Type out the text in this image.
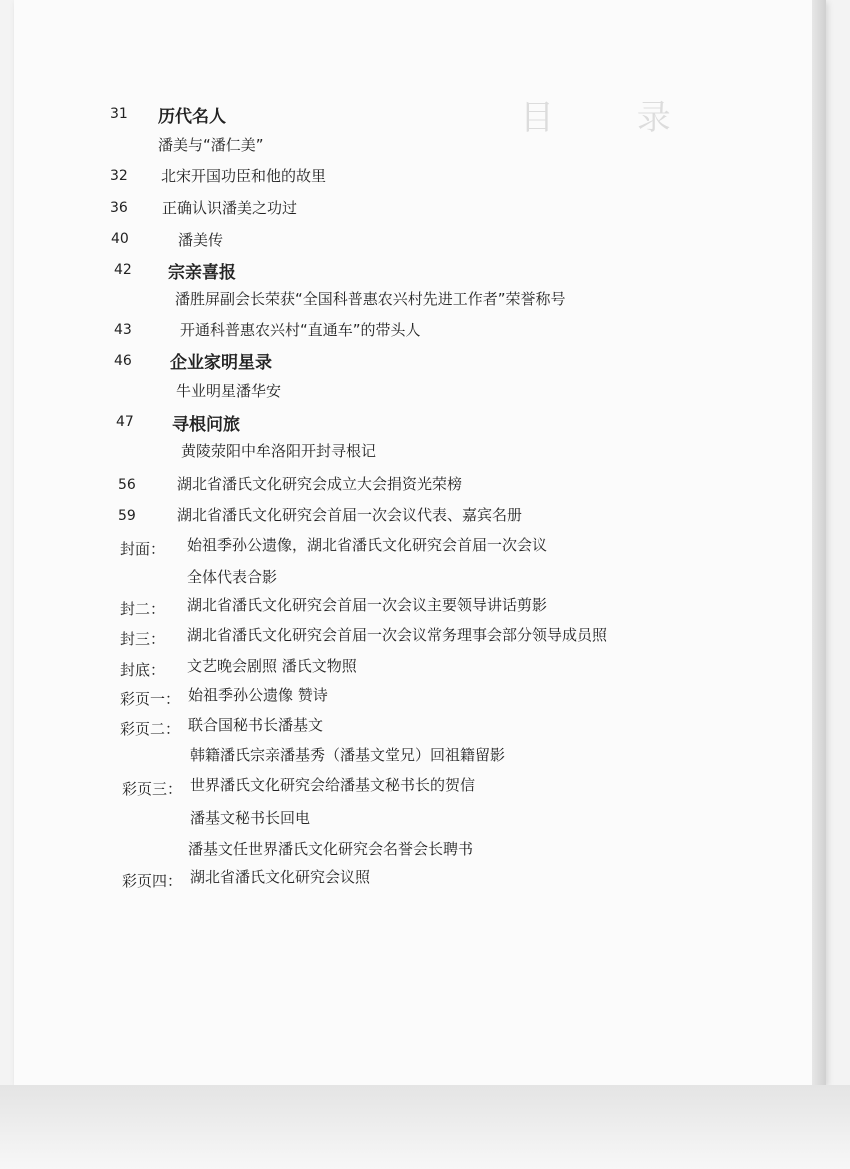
目 录
31 历代名人
潘美与“潘仁美”
32 北宋开国功臣和他的故里
36 正确认识潘美之功过
40	潘美传
42 宗亲喜报
潘胜屏副会长荣获“全国科普惠农兴村先进工作者”荣誉称号
43	开通科普惠农兴村“直通车”的带头人
46 企业家明星录
牛业明星潘华安
47 寻根问旅
黄陵荥阳中牟洛阳开封寻根记
56	湖北省潘氏文化研究会成立大会捐资光荣榜
59	湖北省潘氏文化研究会首届一次会议代表、嘉宾名册
封面： 始祖季孙公遗像，湖北省潘氏文化研究会首届一次会议
全体代表合影
封二： 湖北省潘氏文化研究会首届一次会议主要领导讲话剪影
封三： 湖北省潘氏文化研究会首届一次会议常务理事会部分领导成员照
封底： 文艺晚会剧照 潘氏文物照
彩页一： 始祖季孙公遗像 赞诗
彩页二： 联合国秘书长潘基文
韩籍潘氏宗亲潘基秀（潘基文堂兄）回祖籍留影
彩页三： 世界潘氏文化研究会给潘基文秘书长的贺信
潘基文秘书长回电
潘基文任世界潘氏文化研究会名誉会长聘书
彩页四： 湖北省潘氏文化研究会议照
